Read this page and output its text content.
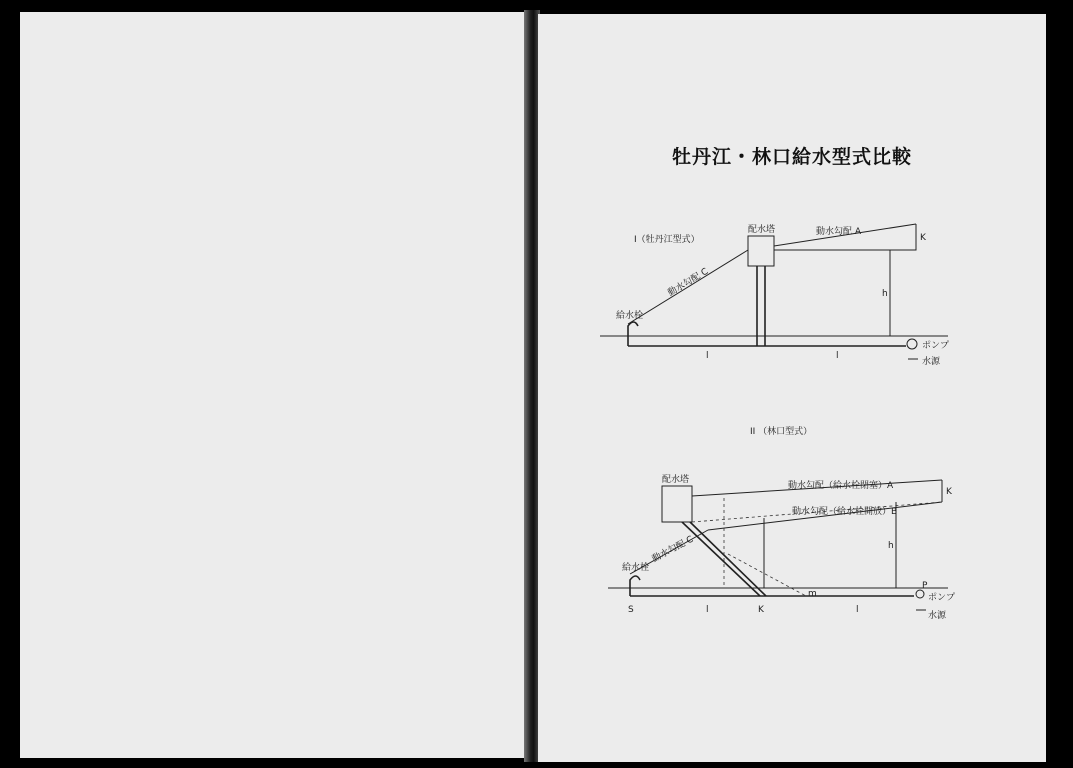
牡丹江・林口給水型式比較
I（牡丹江型式）
配水塔	動水勾配 A
動水勾配 C
K
h
給水栓
l	l
ポンプ
水源
II （林口型式）
配水塔
動水勾配（給水栓閉塞）A
動水勾配（給水栓開放）B
動水勾配 C	h
K
給水栓
S	K
m
l	l
P
ポンプ
水源
